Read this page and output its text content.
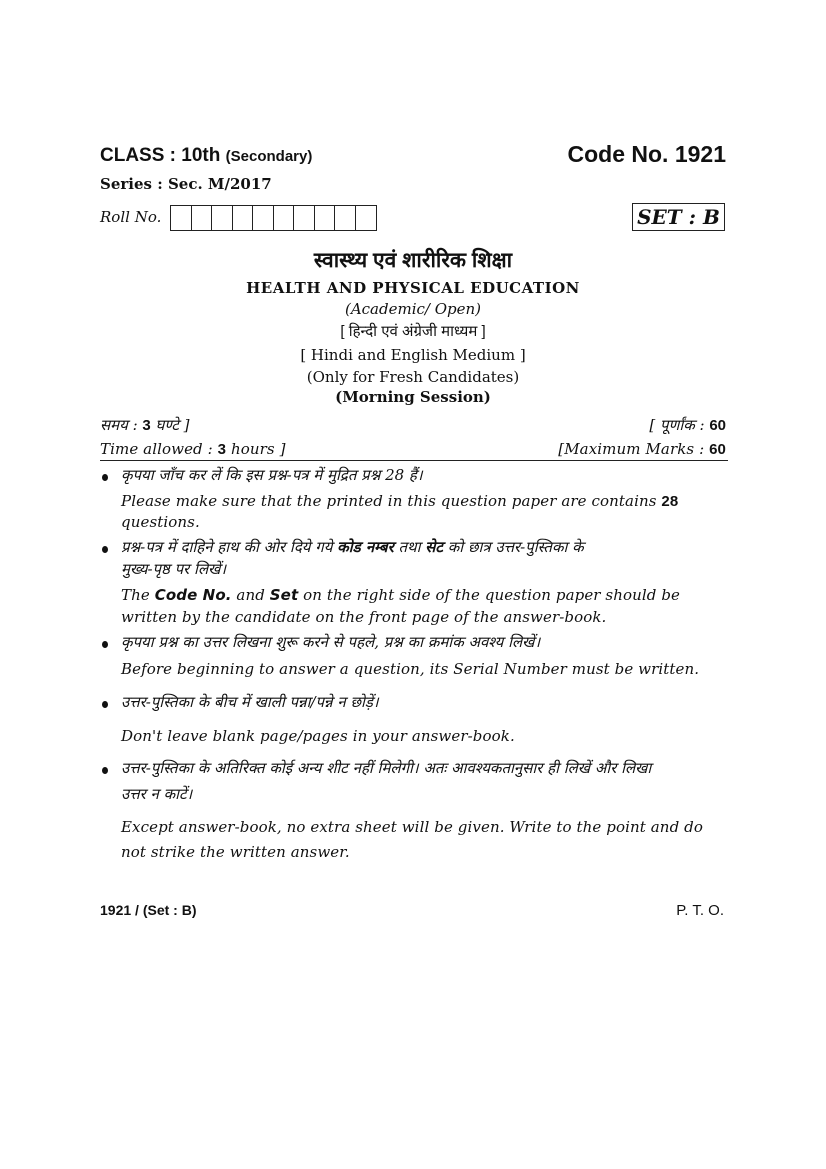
CLASS : 10th (Secondary)	Code No. 1921
Series : Sec. M/2017
Roll No.	SET : B
स्वास्थ्य एवं शारीरिक शिक्षा
HEALTH AND PHYSICAL EDUCATION
(Academic/ Open)
[ हिन्दी एवं अंग्रेजी माध्यम ]
[ Hindi and English Medium ]
(Only for Fresh Candidates)
(Morning Session)
समय : 3 घण्टे ]	[ पूर्णांक : 60
Time allowed : 3 hours ]	[Maximum Marks : 60
कृपया जाँच कर लें कि इस प्रश्न-पत्र में मुद्रित प्रश्न 28 हैं।
Please make sure that the printed in this question paper are contains 28
questions.
प्रश्न-पत्र में दाहिने हाथ की ओर दिये गये कोड नम्बर तथा सेट को छात्र उत्तर-पुस्तिका के
मुख्य-पृष्ठ पर लिखें।
The Code No. and Set on the right side of the question paper should be
written by the candidate on the front page of the answer-book.
कृपया प्रश्न का उत्तर लिखना शुरू करने से पहले, प्रश्न का क्रमांक अवश्य लिखें।
Before beginning to answer a question, its Serial Number must be written.
उत्तर-पुस्तिका के बीच में खाली पन्ना/पन्ने न छोड़ें।
Don't leave blank page/pages in your answer-book.
उत्तर-पुस्तिका के अतिरिक्त कोई अन्य शीट नहीं मिलेगी। अतः आवश्यकतानुसार ही लिखें और लिखा
उत्तर न काटें।
Except answer-book, no extra sheet will be given. Write to the point and do
not strike the written answer.
1921 / (Set : B)	P. T. O.
